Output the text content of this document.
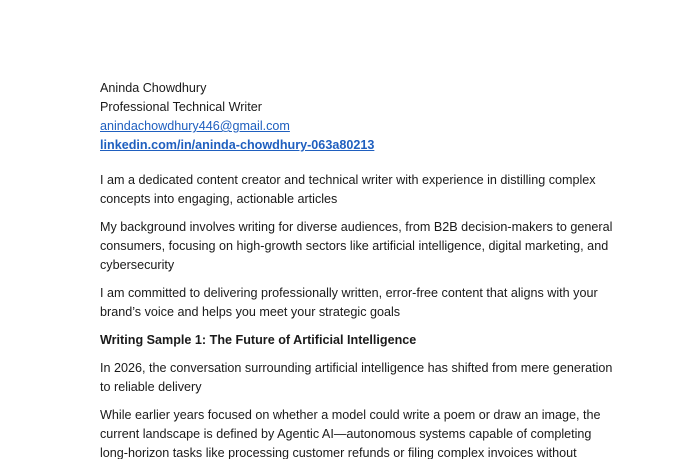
Aninda Chowdhury
Professional Technical Writer
anindachowdhury446@gmail.com
linkedin.com/in/aninda-chowdhury-063a80213

I am a dedicated content creator and technical writer with experience in distilling complex concepts into engaging, actionable articles

My background involves writing for diverse audiences, from B2B decision-makers to general consumers, focusing on high-growth sectors like artificial intelligence, digital marketing, and cybersecurity

I am committed to delivering professionally written, error-free content that aligns with your brand’s voice and helps you meet your strategic goals

Writing Sample 1: The Future of Artificial Intelligence

In 2026, the conversation surrounding artificial intelligence has shifted from mere generation to reliable delivery

While earlier years focused on whether a model could write a poem or draw an image, the current landscape is defined by Agentic AI—autonomous systems capable of completing long-horizon tasks like processing customer refunds or filing complex invoices without
